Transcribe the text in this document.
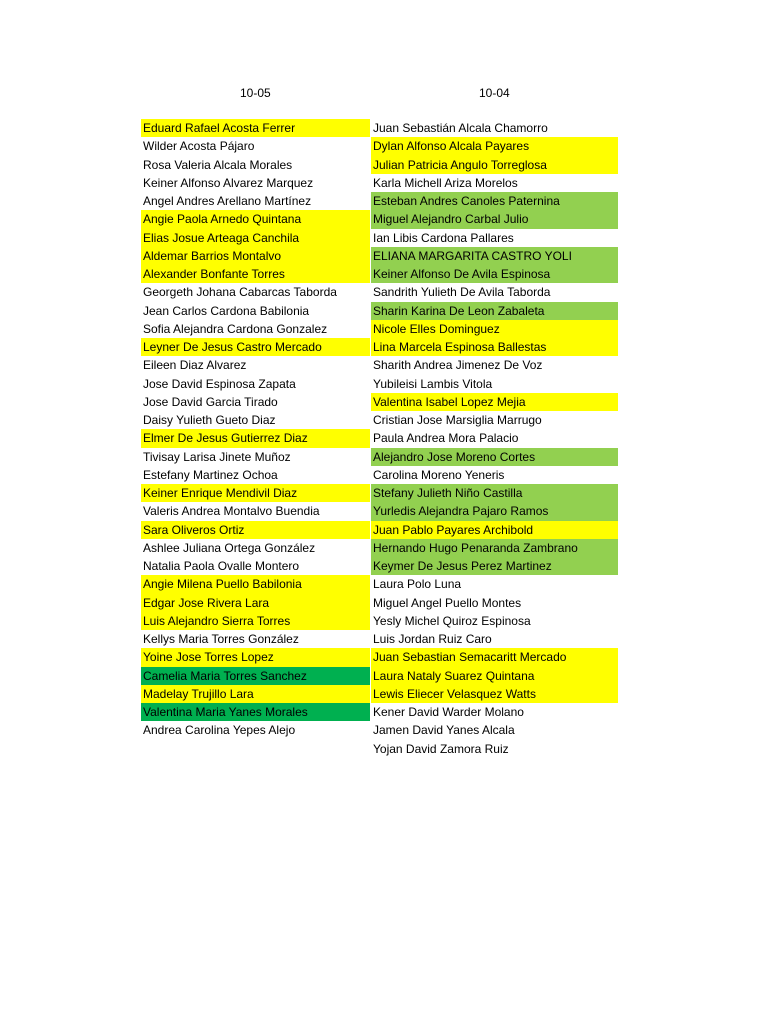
10-05	10-04
Eduard Rafael Acosta Ferrer
Wilder Acosta Pájaro
Rosa Valeria Alcala Morales
Keiner Alfonso Alvarez Marquez
Angel Andres Arellano Martínez
Angie Paola Arnedo Quintana
Elias Josue Arteaga Canchila
Aldemar Barrios Montalvo
Alexander Bonfante Torres
Georgeth Johana Cabarcas Taborda
Jean Carlos Cardona Babilonia
Sofia Alejandra Cardona Gonzalez
Leyner De Jesus Castro Mercado
Eileen Diaz Alvarez
Jose David Espinosa Zapata
Jose David Garcia Tirado
Daisy Yulieth Gueto Diaz
Elmer De Jesus Gutierrez Diaz
Tivisay Larisa Jinete Muñoz
Estefany Martinez Ochoa
Keiner Enrique Mendivil Diaz
Valeris Andrea Montalvo Buendia
Sara Oliveros Ortiz
Ashlee Juliana Ortega González
Natalia Paola Ovalle Montero
Angie Milena Puello Babilonia
Edgar Jose Rivera Lara
Luis Alejandro Sierra Torres
Kellys Maria Torres González
Yoine Jose Torres Lopez
Camelia Maria Torres Sanchez
Madelay Trujillo Lara
Valentina Maria Yanes Morales
Andrea Carolina Yepes Alejo
Juan Sebastián Alcala Chamorro
Dylan Alfonso Alcala Payares
Julian Patricia Angulo Torreglosa
Karla Michell Ariza Morelos
Esteban Andres Canoles Paternina
Miguel Alejandro Carbal Julio
Ian Libis Cardona Pallares
ELIANA MARGARITA CASTRO YOLI
Keiner Alfonso De Avila Espinosa
Sandrith Yulieth De Avila Taborda
Sharin Karina De Leon Zabaleta
Nicole Elles Dominguez
Lina Marcela Espinosa Ballestas
Sharith Andrea Jimenez De Voz
Yubileisi Lambis Vitola
Valentina Isabel Lopez Mejia
Cristian Jose Marsiglia Marrugo
Paula Andrea Mora Palacio
Alejandro Jose Moreno Cortes
Carolina Moreno Yeneris
Stefany Julieth Niño Castilla
Yurledis Alejandra Pajaro Ramos
Juan Pablo Payares Archibold
Hernando Hugo Penaranda Zambrano
Keymer De Jesus Perez Martinez
Laura Polo Luna
Miguel Angel Puello Montes
Yesly Michel Quiroz Espinosa
Luis Jordan Ruiz Caro
Juan Sebastian Semacaritt Mercado
Laura Nataly Suarez Quintana
Lewis Eliecer Velasquez Watts
Kener David Warder Molano
Jamen David Yanes Alcala
Yojan David Zamora Ruiz
